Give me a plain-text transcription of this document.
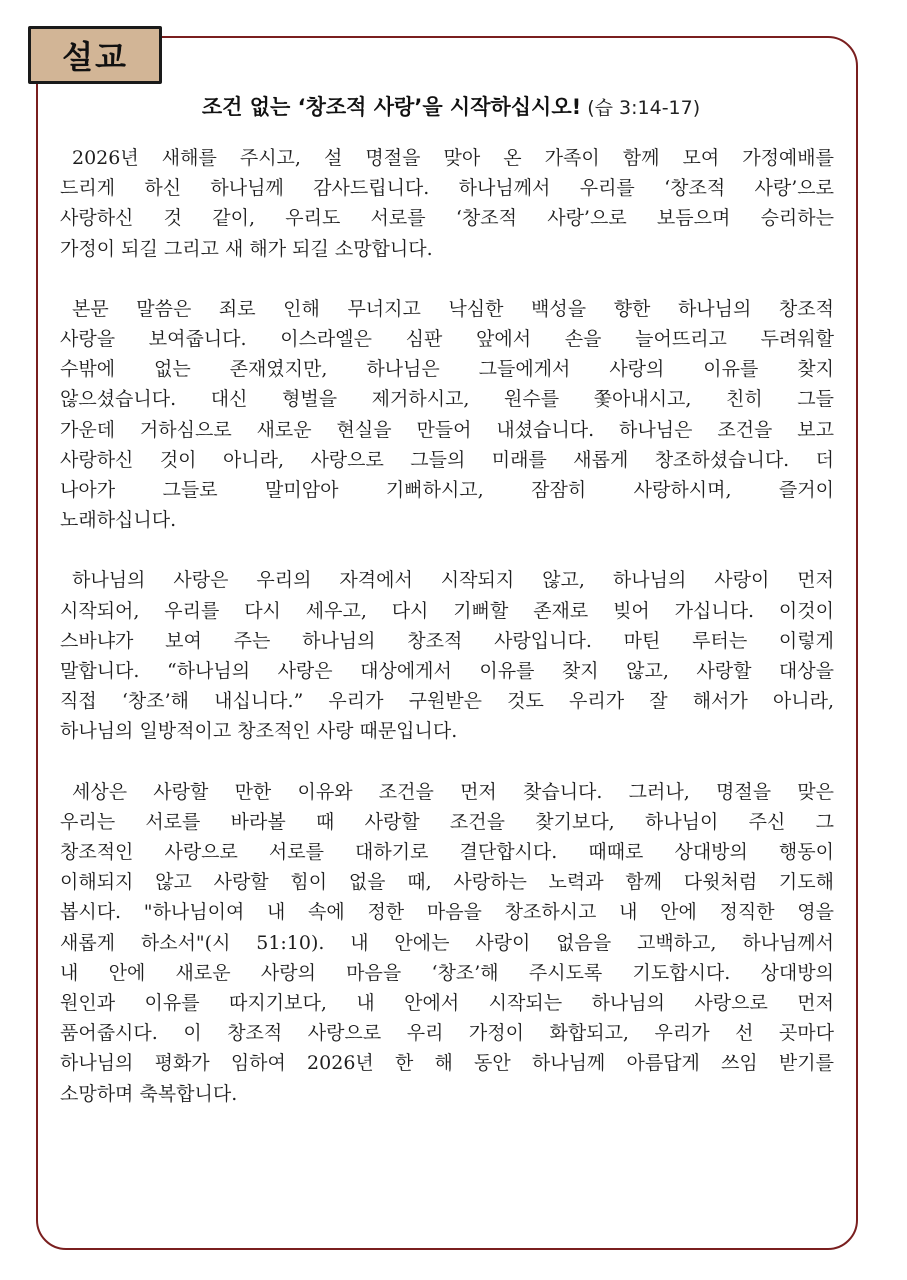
설교
조건 없는 ‘창조적 사랑’을 시작하십시오! (습 3:14-17)
2026년 새해를 주시고, 설 명절을 맞아 온 가족이 함께 모여 가정예배를
드리게 하신 하나님께 감사드립니다. 하나님께서 우리를 ‘창조적 사랑’으로
사랑하신 것 같이, 우리도 서로를 ‘창조적 사랑’으로 보듬으며 승리하는
가정이 되길 그리고 새 해가 되길 소망합니다.
본문 말씀은 죄로 인해 무너지고 낙심한 백성을 향한 하나님의 창조적
사랑을 보여줍니다. 이스라엘은 심판 앞에서 손을 늘어뜨리고 두려워할
수밖에 없는 존재였지만, 하나님은 그들에게서 사랑의 이유를 찾지
않으셨습니다. 대신 형벌을 제거하시고, 원수를 쫓아내시고, 친히 그들
가운데 거하심으로 새로운 현실을 만들어 내셨습니다. 하나님은 조건을 보고
사랑하신 것이 아니라, 사랑으로 그들의 미래를 새롭게 창조하셨습니다. 더
나아가 그들로 말미암아 기뻐하시고, 잠잠히 사랑하시며, 즐거이
노래하십니다.
하나님의 사랑은 우리의 자격에서 시작되지 않고, 하나님의 사랑이 먼저
시작되어, 우리를 다시 세우고, 다시 기뻐할 존재로 빚어 가십니다. 이것이
스바냐가 보여 주는 하나님의 창조적 사랑입니다. 마틴 루터는 이렇게
말합니다. “하나님의 사랑은 대상에게서 이유를 찾지 않고, 사랑할 대상을
직접 ‘창조’해 내십니다.” 우리가 구원받은 것도 우리가 잘 해서가 아니라,
하나님의 일방적이고 창조적인 사랑 때문입니다.
세상은 사랑할 만한 이유와 조건을 먼저 찾습니다. 그러나, 명절을 맞은
우리는 서로를 바라볼 때 사랑할 조건을 찾기보다, 하나님이 주신 그
창조적인 사랑으로 서로를 대하기로 결단합시다. 때때로 상대방의 행동이
이해되지 않고 사랑할 힘이 없을 때, 사랑하는 노력과 함께 다윗처럼 기도해
봅시다. "하나님이여 내 속에 정한 마음을 창조하시고 내 안에 정직한 영을
새롭게 하소서"(시 51:10). 내 안에는 사랑이 없음을 고백하고, 하나님께서
내 안에 새로운 사랑의 마음을 ‘창조’해 주시도록 기도합시다. 상대방의
원인과 이유를 따지기보다, 내 안에서 시작되는 하나님의 사랑으로 먼저
품어줍시다. 이 창조적 사랑으로 우리 가정이 화합되고, 우리가 선 곳마다
하나님의 평화가 임하여 2026년 한 해 동안 하나님께 아름답게 쓰임 받기를
소망하며 축복합니다.
